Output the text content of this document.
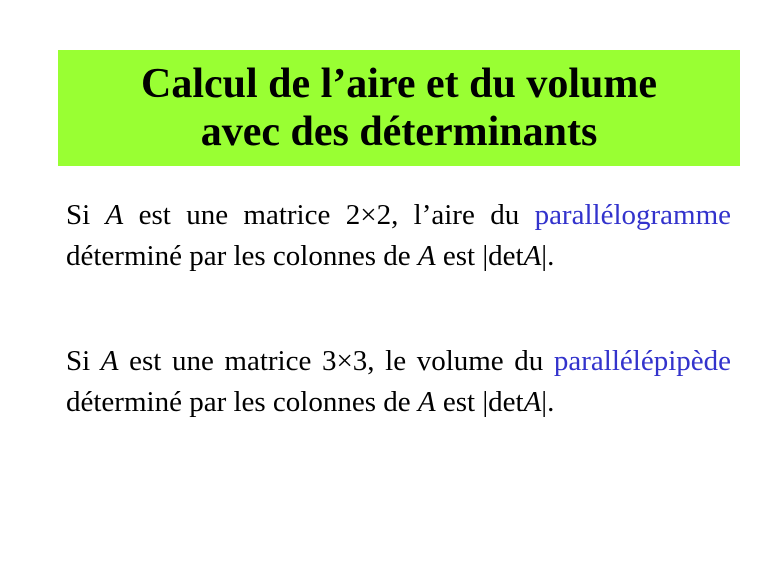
Calcul de l’aire et du volume
avec des déterminants

Si A est une matrice 2×2, l’aire du parallélogramme déterminé par les colonnes de A est |detA|.

Si A est une matrice 3×3, le volume du parallélépipède déterminé par les colonnes de A est |detA|.
